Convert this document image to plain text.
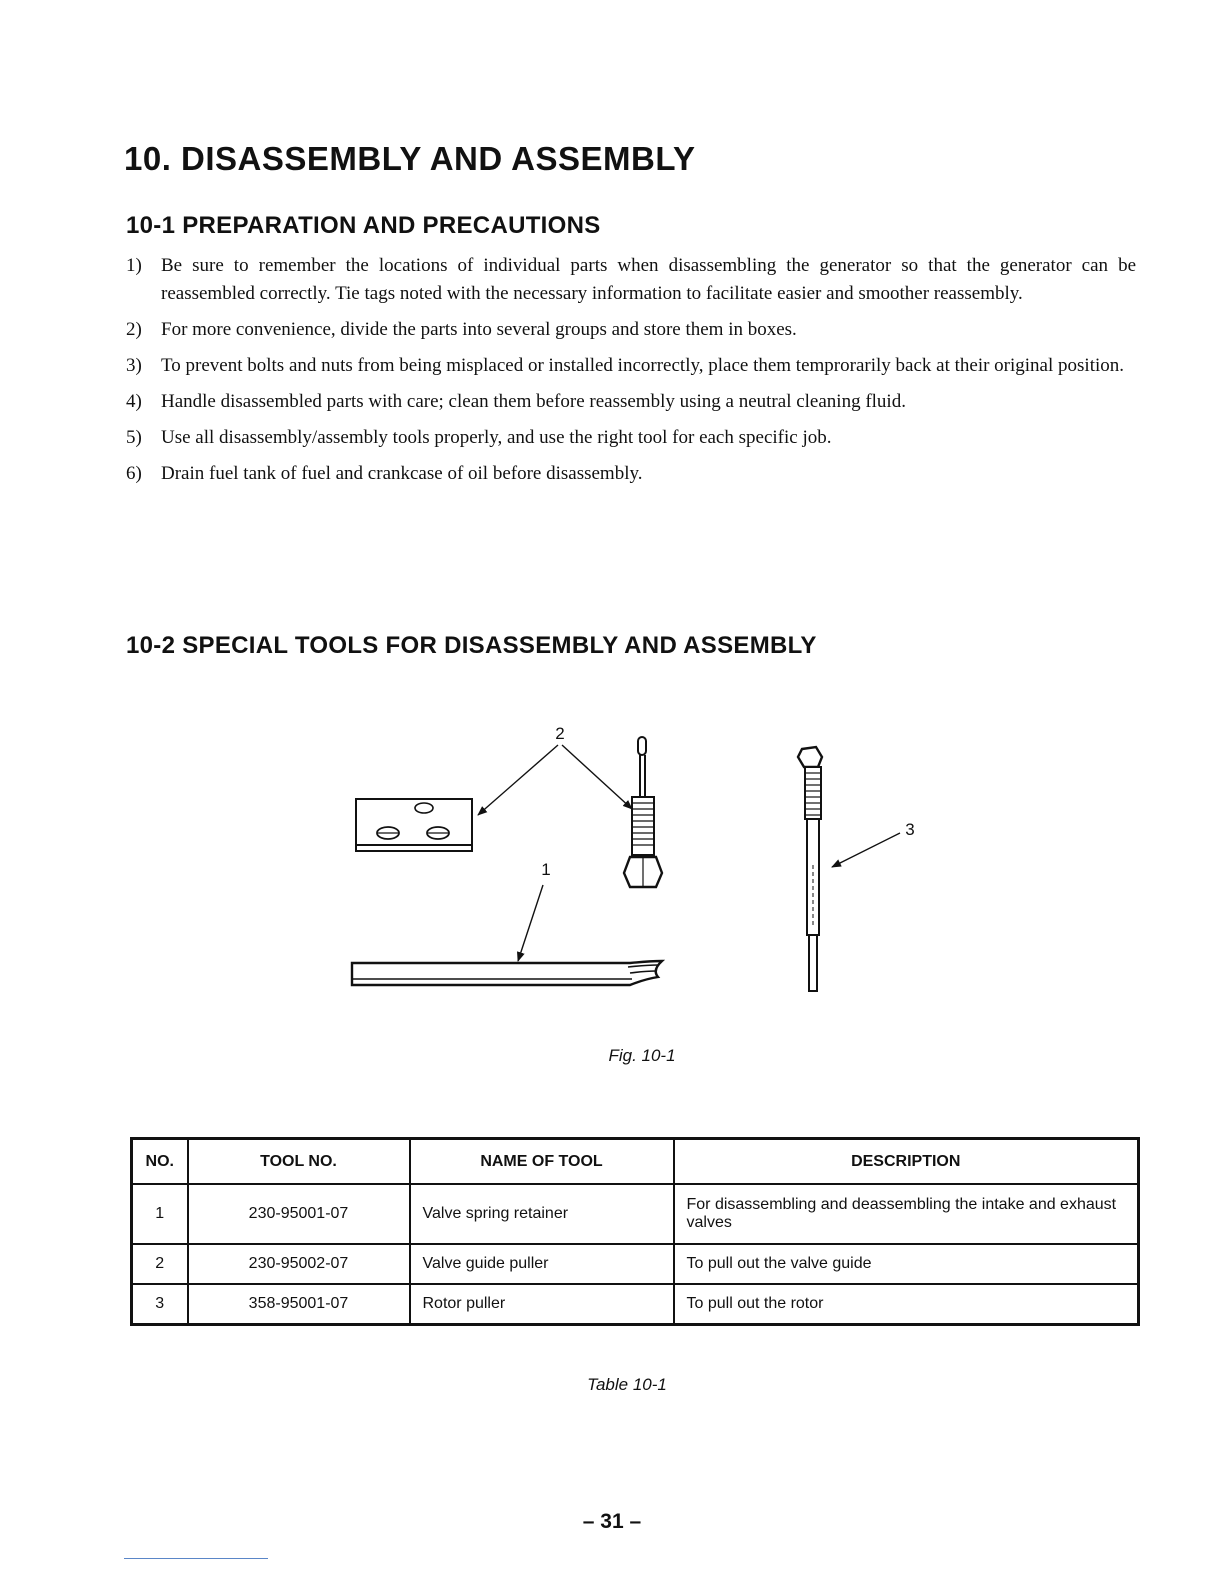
10. DISASSEMBLY AND ASSEMBLY
10-1 PREPARATION AND PRECAUTIONS
1) Be sure to remember the locations of individual parts when disassembling the generator so that the generator can be reassembled correctly. Tie tags noted with the necessary information to facilitate easier and smoother reassembly.
2) For more convenience, divide the parts into several groups and store them in boxes.
3) To prevent bolts and nuts from being misplaced or installed incorrectly, place them temprorarily back at their original position.
4) Handle disassembled parts with care; clean them before reassembly using a neutral cleaning fluid.
5) Use all disassembly/assembly tools properly, and use the right tool for each specific job.
6) Drain fuel tank of fuel and crankcase of oil before disassembly.
10-2 SPECIAL TOOLS FOR DISASSEMBLY AND ASSEMBLY
2
1
3
Fig. 10-1
NO.	TOOL NO.	NAME OF TOOL	DESCRIPTION
1	230-95001-07	Valve spring retainer	For disassembling and deassembling the intake and exhaust valves
2	230-95002-07	Valve guide puller	To pull out the valve guide
3	358-95001-07	Rotor puller	To pull out the rotor
Table 10-1
– 31 –
